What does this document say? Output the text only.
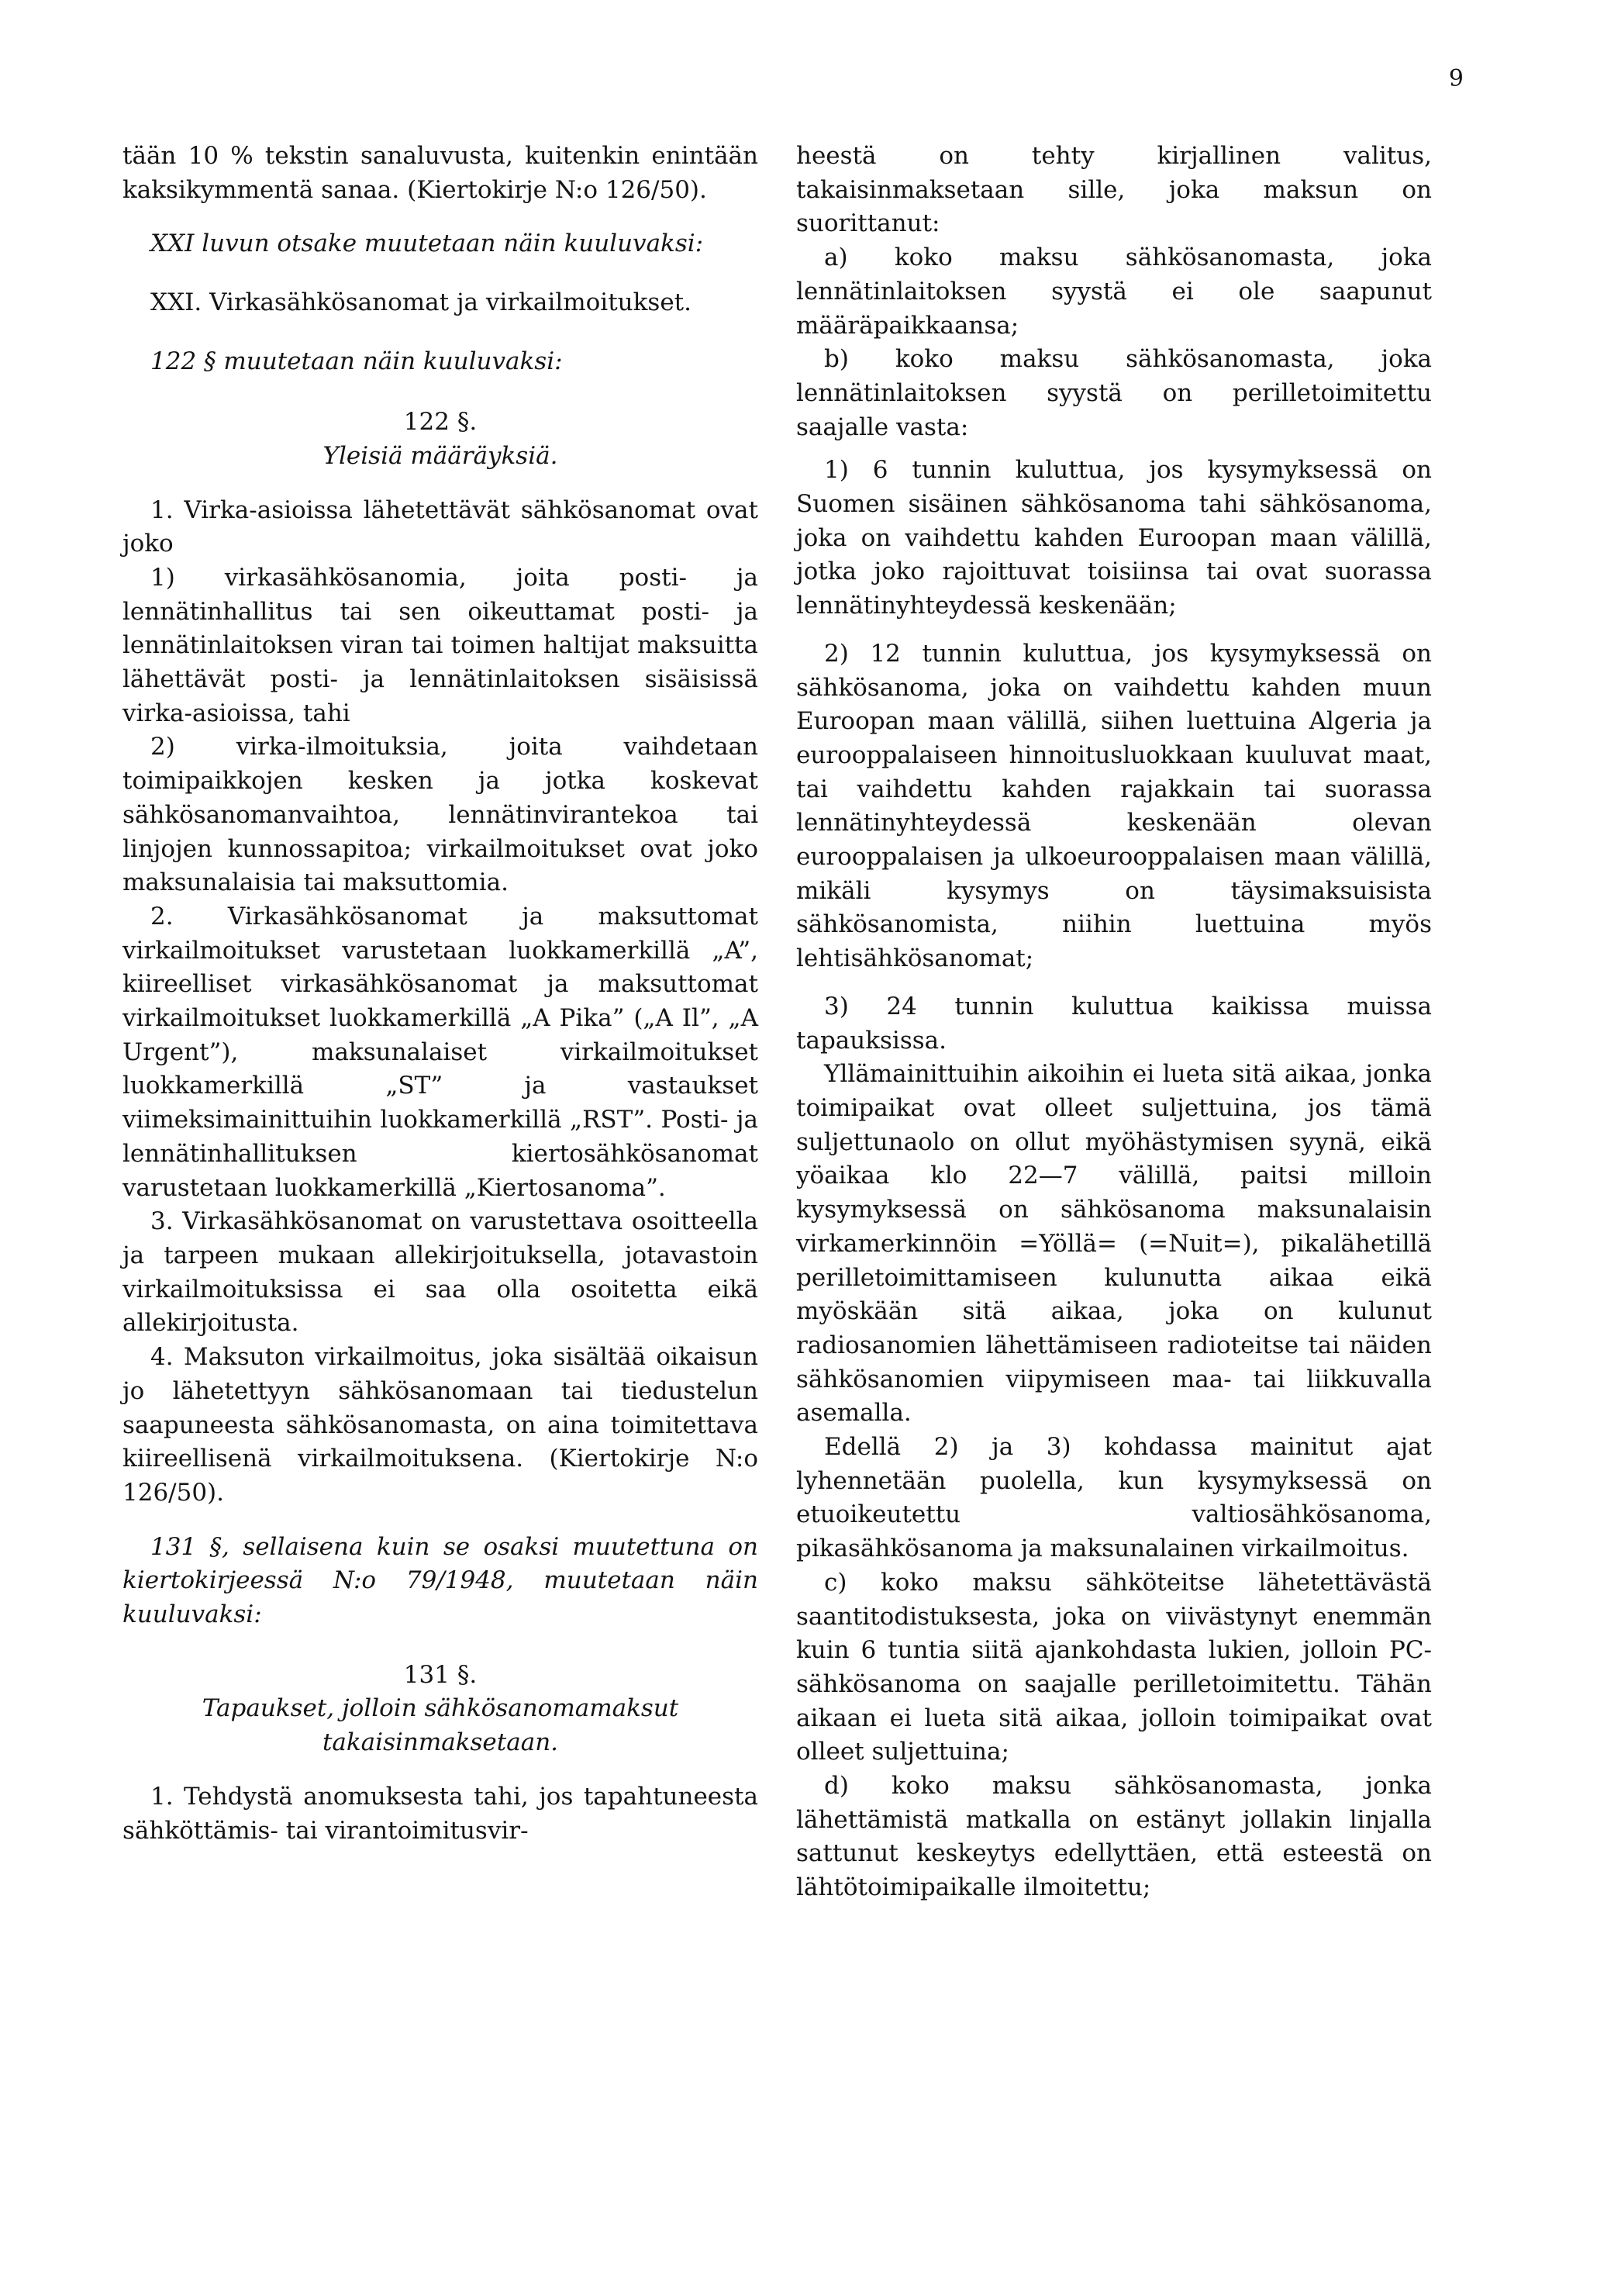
9

tään 10 % tekstin sanaluvusta, kuitenkin enintään kaksikymmentä sanaa. (Kiertokirje N:o 126/50).

XXI luvun otsake muutetaan näin kuuluvaksi:

XXI. Virkasähkösanomat ja virkailmoitukset.

122 § muutetaan näin kuuluvaksi:

122 §.

Yleisiä määräyksiä.

1. Virka-asioissa lähetettävät sähkösanomat ovat joko

1) virkasähkösanomia, joita posti- ja lennätinhallitus tai sen oikeuttamat posti- ja lennätinlaitoksen viran tai toimen haltijat maksuitta lähettävät posti- ja lennätinlaitoksen sisäisissä virka-asioissa, tahi

2) virka-ilmoituksia, joita vaihdetaan toimipaikkojen kesken ja jotka koskevat sähkösanomanvaihtoa, lennätinvirantekoa tai linjojen kunnossapitoa; virkailmoitukset ovat joko maksunalaisia tai maksuttomia.

2. Virkasähkösanomat ja maksuttomat virkailmoitukset varustetaan luokkamerkillä „A”, kiireelliset virkasähkösanomat ja maksuttomat virkailmoitukset luokkamerkillä „A Pika” („A Il”, „A Urgent”), maksunalaiset virkailmoitukset luokkamerkillä „ST” ja vastaukset viimeksimainittuihin luokkamerkillä „RST”. Posti- ja lennätinhallituksen kiertosähkösanomat varustetaan luokkamerkillä „Kiertosanoma”.

3. Virkasähkösanomat on varustettava osoitteella ja tarpeen mukaan allekirjoituksella, jotavastoin virkailmoituksissa ei saa olla osoitetta eikä allekirjoitusta.

4. Maksuton virkailmoitus, joka sisältää oikaisun jo lähetettyyn sähkösanomaan tai tiedustelun saapuneesta sähkösanomasta, on aina toimitettava kiireellisenä virkailmoituksena. (Kiertokirje N:o 126/50).

131 §, sellaisena kuin se osaksi muutettuna on kiertokirjeessä N:o 79/1948, muutetaan näin kuuluvaksi:

131 §.

Tapaukset, jolloin sähkösanomamaksut takaisinmaksetaan.

1. Tehdystä anomuksesta tahi, jos tapahtuneesta sähköttämis- tai virantoimitusvir-

heestä on tehty kirjallinen valitus, takaisinmaksetaan sille, joka maksun on suorittanut:

a) koko maksu sähkösanomasta, joka lennätinlaitoksen syystä ei ole saapunut määräpaikkaansa;

b) koko maksu sähkösanomasta, joka lennätinlaitoksen syystä on perilletoimitettu saajalle vasta:

1) 6 tunnin kuluttua, jos kysymyksessä on Suomen sisäinen sähkösanoma tahi sähkösanoma, joka on vaihdettu kahden Euroopan maan välillä, jotka joko rajoittuvat toisiinsa tai ovat suorassa lennätinyhteydessä keskenään;

2) 12 tunnin kuluttua, jos kysymyksessä on sähkösanoma, joka on vaihdettu kahden muun Euroopan maan välillä, siihen luettuina Algeria ja eurooppalaiseen hinnoitusluokkaan kuuluvat maat, tai vaihdettu kahden rajakkain tai suorassa lennätinyhteydessä keskenään olevan eurooppalaisen ja ulkoeurooppalaisen maan välillä, mikäli kysymys on täysimaksuisista sähkösanomista, niihin luettuina myös lehtisähkösanomat;

3) 24 tunnin kuluttua kaikissa muissa tapauksissa.

Yllämainittuihin aikoihin ei lueta sitä aikaa, jonka toimipaikat ovat olleet suljettuina, jos tämä suljettunaolo on ollut myöhästymisen syynä, eikä yöaikaa klo 22—7 välillä, paitsi milloin kysymyksessä on sähkösanoma maksunalaisin virkamerkinnöin =Yöllä= (=Nuit=), pikalähetillä perilletoimittamiseen kulunutta aikaa eikä myöskään sitä aikaa, joka on kulunut radiosanomien lähettämiseen radioteitse tai näiden sähkösanomien viipymiseen maa- tai liikkuvalla asemalla.

Edellä 2) ja 3) kohdassa mainitut ajat lyhennetään puolella, kun kysymyksessä on etuoikeutettu valtiosähkösanoma, pikasähkösanoma ja maksunalainen virkailmoitus.

c) koko maksu sähköteitse lähetettävästä saantitodistuksesta, joka on viivästynyt enemmän kuin 6 tuntia siitä ajankohdasta lukien, jolloin PC-sähkösanoma on saajalle perilletoimitettu. Tähän aikaan ei lueta sitä aikaa, jolloin toimipaikat ovat olleet suljettuina;

d) koko maksu sähkösanomasta, jonka lähettämistä matkalla on estänyt jollakin linjalla sattunut keskeytys edellyttäen, että esteestä on lähtötoimipaikalle ilmoitettu;
